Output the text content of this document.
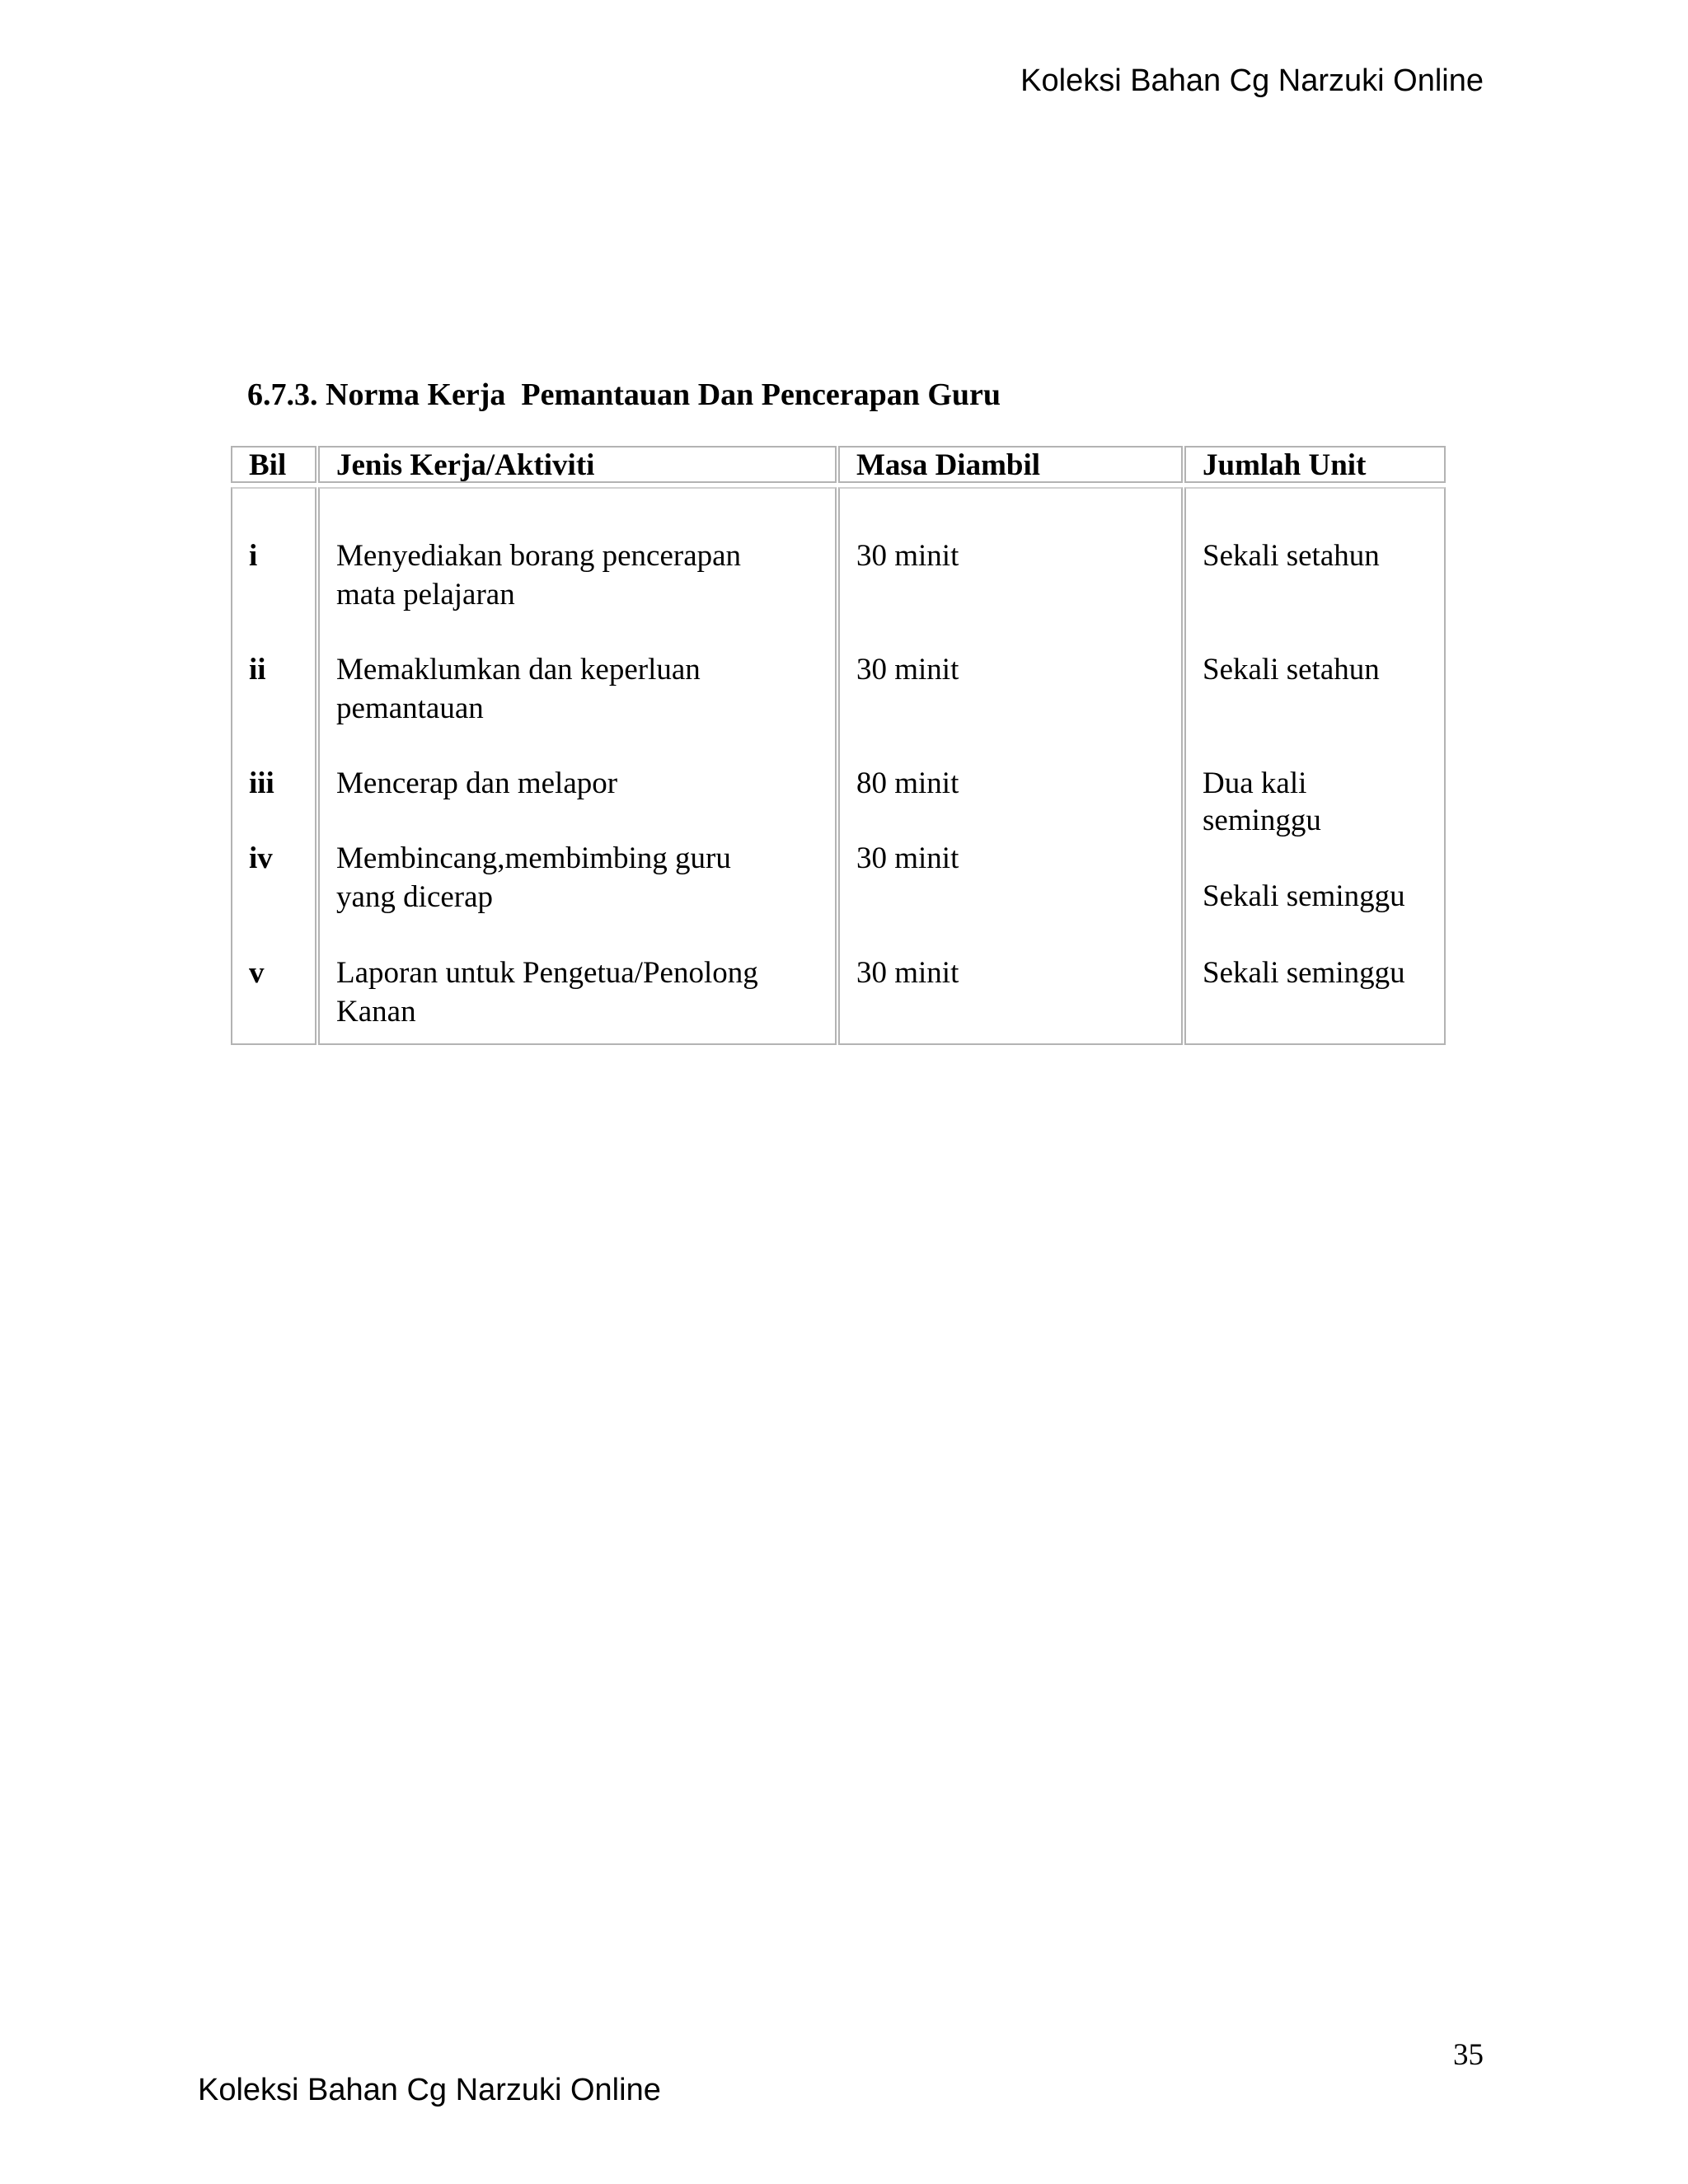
Koleksi Bahan Cg Narzuki Online
6.7.3. Norma Kerja  Pemantauan Dan Pencerapan Guru
Bil
i
ii
iii
iv
v
Jenis Kerja/Aktiviti
Menyediakan borang pencerapan
mata pelajaran
Memaklumkan dan keperluan
pemantauan
Mencerap dan melapor
Membincang,membimbing guru
yang dicerap
Laporan untuk Pengetua/Penolong
Kanan
Masa Diambil
30 minit
30 minit
80 minit
30 minit
30 minit
Jumlah Unit
Sekali setahun
Sekali setahun
Dua kali
seminggu
Sekali seminggu
Sekali seminggu
35
Koleksi Bahan Cg Narzuki Online
